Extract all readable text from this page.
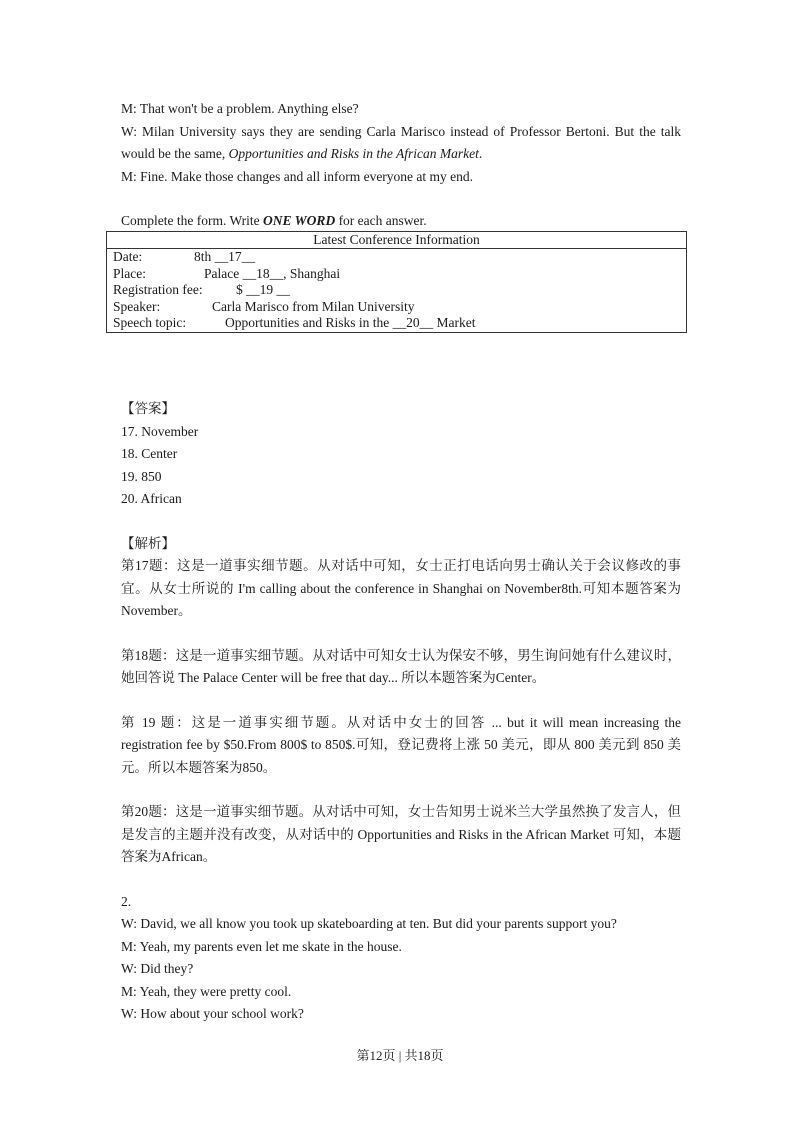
M: That won't be a problem. Anything else?

W: Milan University says they are sending Carla Marisco instead of Professor Bertoni. But the talk would be the same, Opportunities and Risks in the African Market.

M: Fine. Make those changes and all inform everyone at my end.

Complete the form. Write ONE WORD for each answer.

Latest Conference Information

Date:	8th __17__
Place:	Palace __18__, Shanghai
Registration fee: $ __19 __
Speaker:	Carla Marisco from Milan University
Speech topic:	Opportunities and Risks in the __20__ Market

【答案】

17. November

18. Center

19. 850

20. African

【解析】

第17题：这是一道事实细节题。从对话中可知，女士正打电话向男士确认关于会议修改的事宜。从女士所说的 I'm calling about the conference in Shanghai on November8th.可知本题答案为November。

第18题：这是一道事实细节题。从对话中可知女士认为保安不够，男生询问她有什么建议时，她回答说 The Palace Center will be free that day... 所以本题答案为Center。

第 19 题：这是一道事实细节题。从对话中女士的回答 ... but it will mean increasing the registration fee by $50.From 800$ to 850$.可知，登记费将上涨 50 美元，即从 800 美元到 850 美元。所以本题答案为850。

第20题：这是一道事实细节题。从对话中可知，女士告知男士说米兰大学虽然换了发言人，但是发言的主题并没有改变，从对话中的 Opportunities and Risks in the African Market 可知，本题答案为African。

2.

W: David, we all know you took up skateboarding at ten. But did your parents support you?

M: Yeah, my parents even let me skate in the house.

W: Did they?

M: Yeah, they were pretty cool.

W: How about your school work?

第12页 | 共18页
